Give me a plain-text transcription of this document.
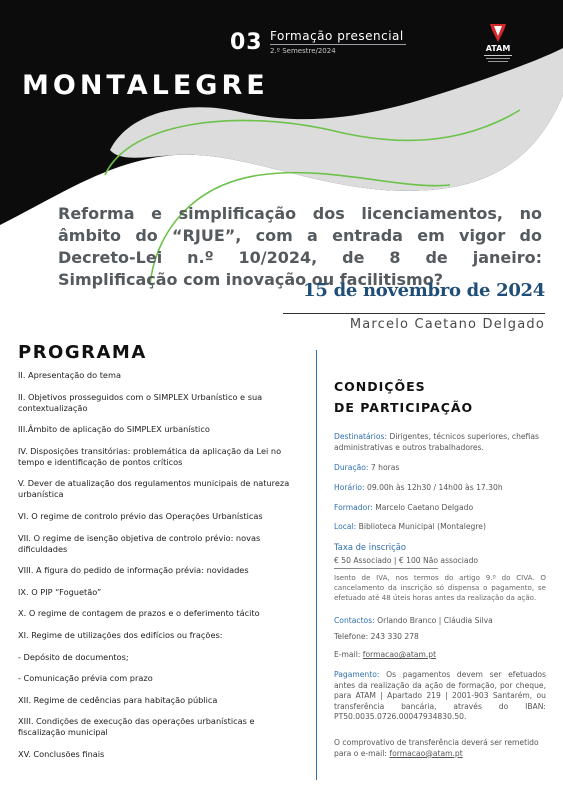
03 Formação presencial
2.º Semestre/2024	ATAM
MONTALEGRE
Reforma e simplificação dos licenciamentos, no âmbito do “RJUE”, com a entrada em vigor do Decreto-Lei n.º 10/2024, de 8 de janeiro: Simplificação com inovação ou facilitismo?
15 de novembro de 2024
Marcelo Caetano Delgado
PROGRAMA
II. Apresentação do tema
II. Objetivos prosseguidos com o SIMPLEX Urbanístico e sua contextualização
III.Âmbito de aplicação do SIMPLEX urbanístico
IV. Disposições transitórias: problemática da aplicação da Lei no tempo e identificação de pontos críticos
V. Dever de atualização dos regulamentos municipais de natureza urbanística
VI. O regime de controlo prévio das Operações Urbanísticas
VII. O regime de isenção objetiva de controlo prévio: novas dificuldades
VIII. A figura do pedido de informação prévia: novidades
IX. O PIP “Foguetão”
X. O regime de contagem de prazos e o deferimento tácito
XI. Regime de utilizações dos edifícios ou frações:
- Depósito de documentos;
- Comunicação prévia com prazo
XII. Regime de cedências para habitação pública
XIII. Condições de execução das operações urbanísticas e fiscalização municipal
XV. Conclusões finais
CONDIÇÕES
DE PARTICIPAÇÃO
Destinatários: Dirigentes, técnicos superiores, chefias administrativas e outros trabalhadores.
Duração: 7 horas
Horário: 09.00h às 12h30 / 14h00 às 17.30h
Formador: Marcelo Caetano Delgado
Local: Biblioteca Municipal (Montalegre)
Taxa de inscrição
€ 50 Associado | € 100 Não associado
Isento de IVA, nos termos do artigo 9.º do CIVA. O cancelamento da inscrição só dispensa o pagamento, se efetuado até 48 úteis horas antes da realização da ação.
Contactos: Orlando Branco | Cláudia Silva
Telefone: 243 330 278
E-mail: formacao@atam.pt
Pagamento: Os pagamentos devem ser efetuados antes da realização da ação de formação, por cheque, para ATAM | Apartado 219 | 2001-903 Santarém, ou transferência bancária, através do IBAN: PT50.0035.0726.00047934830.50.
O comprovativo de transferência deverá ser remetido para o e-mail: formacao@atam.pt
